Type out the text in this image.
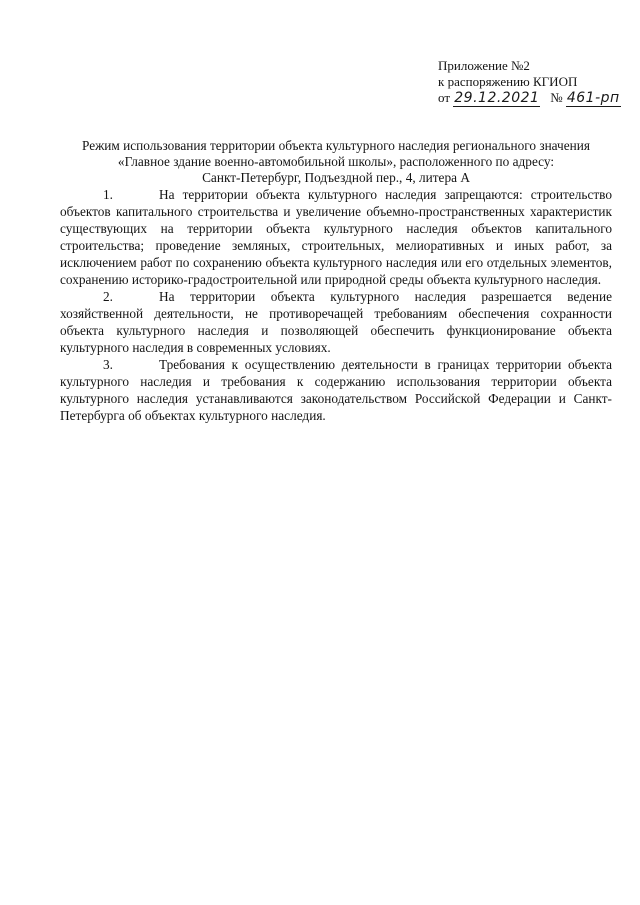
Приложение №2
к распоряжению КГИОП
от 29.12.2021 № 461-рп
Режим использования территории объекта культурного наследия регионального значения
«Главное здание военно-автомобильной школы», расположенного по адресу:
Санкт-Петербург, Подъездной пер., 4, литера А

1.	На территории объекта культурного наследия запрещаются: строительство объектов капитального строительства и увеличение объемно-пространственных характеристик существующих на территории объекта культурного наследия объектов капитального строительства; проведение земляных, строительных, мелиоративных и иных работ, за исключением работ по сохранению объекта культурного наследия или его отдельных элементов, сохранению историко-градостроительной или природной среды объекта культурного наследия.

2.	На территории объекта культурного наследия разрешается ведение хозяйственной деятельности, не противоречащей требованиям обеспечения сохранности объекта культурного наследия и позволяющей обеспечить функционирование объекта культурного наследия в современных условиях.

3.	Требования к осуществлению деятельности в границах территории объекта культурного наследия и требования к содержанию использования территории объекта культурного наследия устанавливаются законодательством Российской Федерации и Санкт-Петербурга об объектах культурного наследия.
